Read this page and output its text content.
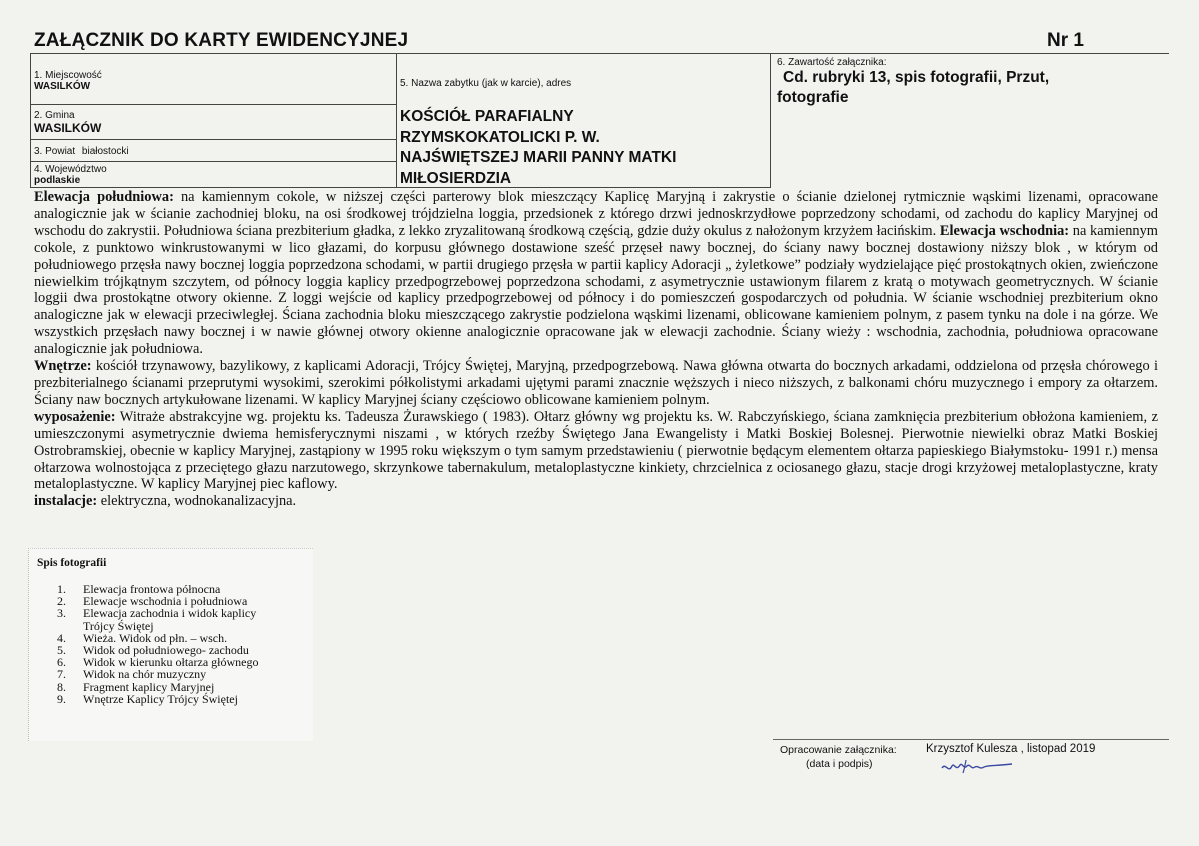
ZAŁĄCZNIK DO KARTY EWIDENCYJNEJ	Nr 1
1. Miejscowość
WASILKÓW
2. Gmina
WASILKÓW
3. Powiat białostocki
4. Województwo
podlaskie
5. Nazwa zabytku (jak w karcie), adres
KOŚCIÓŁ PARAFIALNY
RZYMSKOKATOLICKI P. W.
NAJŚWIĘTSZEJ MARII PANNY MATKI
MIŁOSIERDZIA
6. Zawartość załącznika:
Cd. rubryki 13, spis fotografii, Przut,
fotografie

Elewacja południowa: na kamiennym cokole, w niższej części parterowy blok mieszczący Kaplicę Maryjną i zakrystie o ścianie dzielonej rytmicznie wąskimi lizenami, opracowane analogicznie jak w ścianie zachodniej bloku, na osi środkowej trójdzielna loggia, przedsionek z którego drzwi jednoskrzydłowe poprzedzony schodami, od zachodu do kaplicy Maryjnej od wschodu do zakrystii. Południowa ściana prezbiterium gładka, z lekko zryzalitowaną środkową częścią, gdzie duży okulus z nałożonym krzyżem łacińskim. Elewacja wschodnia: na kamiennym cokole, z punktowo winkrustowanymi w lico głazami, do korpusu głównego dostawione sześć przęseł nawy bocznej, do ściany nawy bocznej dostawiony niższy blok , w którym od południowego przęsła nawy bocznej loggia poprzedzona schodami, w partii drugiego przęsła w partii kaplicy Adoracji „ żyletkowe” podziały wydzielające pięć prostokątnych okien, zwieńczone niewielkim trójkątnym szczytem, od północy loggia kaplicy przedpogrzebowej poprzedzona schodami, z asymetrycznie ustawionym filarem z kratą o motywach geometrycznych. W ścianie loggii dwa prostokątne otwory okienne. Z loggi wejście od kaplicy przedpogrzebowej od północy i do pomieszczeń gospodarczych od południa. W ścianie wschodniej prezbiterium okno analogiczne jak w elewacji przeciwległej. Ściana zachodnia bloku mieszczącego zakrystie podzielona wąskimi lizenami, oblicowane kamieniem polnym, z pasem tynku na dole i na górze. We wszystkich przęsłach nawy bocznej i w nawie głównej otwory okienne analogicznie opracowane jak w elewacji zachodnie. Ściany wieży : wschodnia, zachodnia, południowa opracowane analogicznie jak południowa.

Wnętrze: kościół trzynawowy, bazylikowy, z kaplicami Adoracji, Trójcy Świętej, Maryjną, przedpogrzebową. Nawa główna otwarta do bocznych arkadami, oddzielona od przęsła chórowego i prezbiterialnego ścianami przeprutymi wysokimi, szerokimi półkolistymi arkadami ujętymi parami znacznie węższych i nieco niższych, z balkonami chóru muzycznego i empory za ołtarzem. Ściany naw bocznych artykułowane lizenami. W kaplicy Maryjnej ściany częściowo oblicowane kamieniem polnym.

wyposażenie: Witraże abstrakcyjne wg. projektu ks. Tadeusza Żurawskiego ( 1983). Ołtarz główny wg projektu ks. W. Rabczyńskiego, ściana zamknięcia prezbiterium obłożona kamieniem, z umieszczonymi asymetrycznie dwiema hemisferycznymi niszami , w których rzeźby Świętego Jana Ewangelisty i Matki Boskiej Bolesnej. Pierwotnie niewielki obraz Matki Boskiej Ostrobramskiej, obecnie w kaplicy Maryjnej, zastąpiony w 1995 roku większym o tym samym przedstawieniu ( pierwotnie będącym elementem ołtarza papieskiego Białymstoku- 1991 r.) mensa ołtarzowa wolnostojąca z przeciętego głazu narzutowego, skrzynkowe tabernakulum, metaloplastyczne kinkiety, chrzcielnica z ociosanego głazu, stacje drogi krzyżowej metaloplastyczne, kraty metaloplastyczne. W kaplicy Maryjnej piec kaflowy.

instalacje: elektryczna, wodnokanalizacyjna.

Spis fotografii
1.	Elewacja frontowa północna
2.	Elewacje wschodnia i południowa
3.	Elewacja zachodnia i widok kaplicy
Trójcy Świętej
4.	Wieża. Widok od płn. – wsch.
5.	Widok od południowego- zachodu
6.	Widok w kierunku ołtarza głównego
7.	Widok na chór muzyczny
8.	Fragment kaplicy Maryjnej
9.	Wnętrze Kaplicy Trójcy Świętej
Opracowanie załącznika:
(data i podpis)
Krzysztof Kulesza , listopad 2019
